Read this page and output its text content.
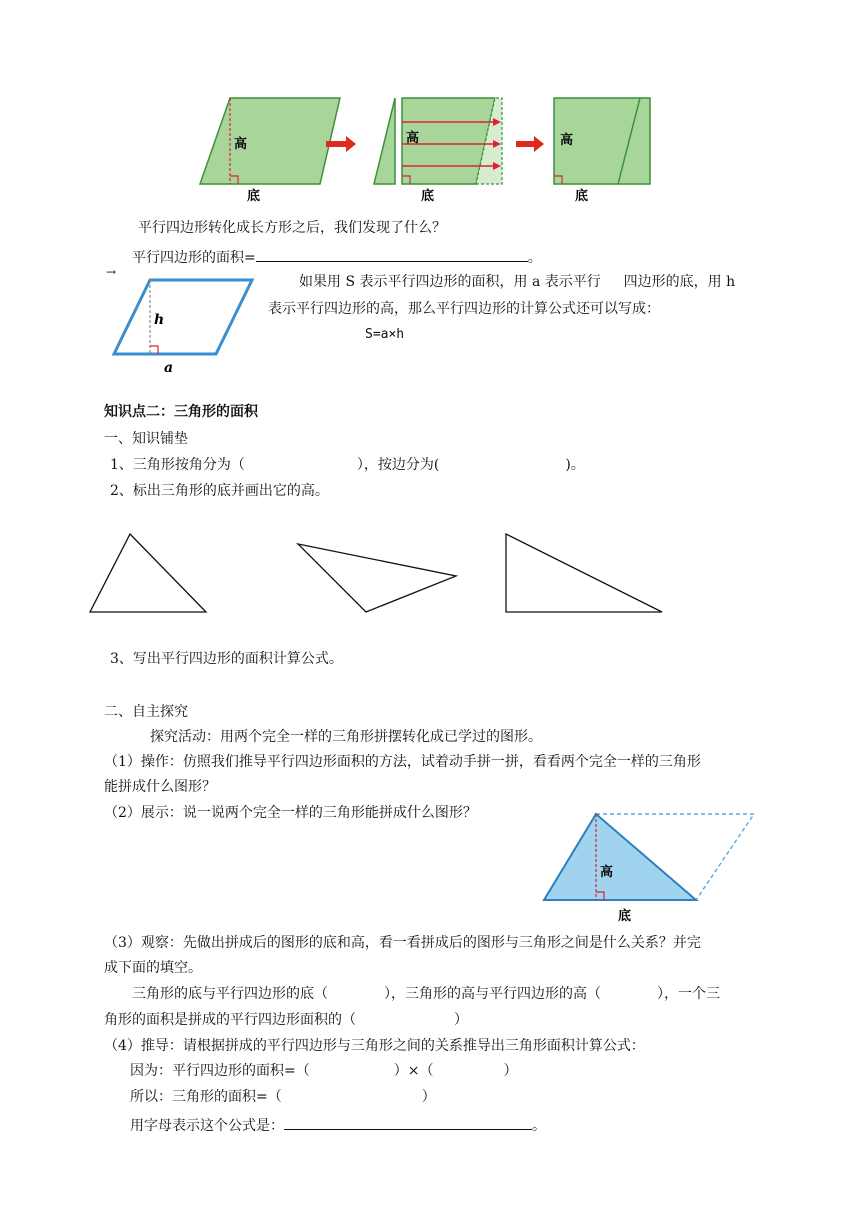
高
底
高
底
高
底
平行四边形转化成长方形之后，我们发现了什么？
平行四边形的面积=	。
→
h
a
如果用 S 表示平行四边形的面积，用 a 表示平行 　 四边形的底，用 h
表示平行四边形的高，那么平行四边形的计算公式还可以写成：
S=a×h
知识点二：三角形的面积
一、知识铺垫
1、三角形按角分为（　　　　　　　　），按边分为(　　　　　　　　　)。
2、标出三角形的底并画出它的高。
3、写出平行四边形的面积计算公式。
二、自主探究
探究活动：用两个完全一样的三角形拼摆转化成已学过的图形。
（1）操作：仿照我们推导平行四边形面积的方法，试着动手拼一拼，看看两个完全一样的三角形
能拼成什么图形？
（2）展示：说一说两个完全一样的三角形能拼成什么图形？
高
底
（3）观察：先做出拼成后的图形的底和高，看一看拼成后的图形与三角形之间是什么关系？并完
成下面的填空。
三角形的底与平行四边形的底（　　　　），三角形的高与平行四边形的高（　　　　），一个三
角形的面积是拼成的平行四边形面积的（　　　　　　　）
（4）推导：请根据拼成的平行四边形与三角形之间的关系推导出三角形面积计算公式：
因为：平行四边形的面积=（　　　　　　）×（　　　　　）
所以：三角形的面积=（　　　　　　　　　　）
用字母表示这个公式是：	。
